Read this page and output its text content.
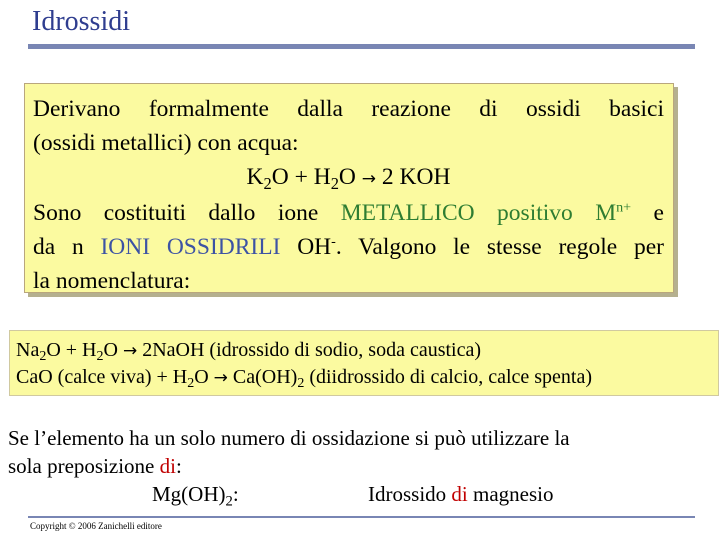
Idrossidi

Derivano formalmente dalla reazione di ossidi basici

(ossidi metallici) con acqua:

$K_2O + H_2O \to 2$ KOH

Sono costituiti dallo ione METALLICO positivo $M^{n+}$ e

da n IONI OSSIDRILI OH-. Valgono le stesse regole per

la nomenclatura:

$Na_2O + H_2O$ → 2NaOH (idrossido di sodio, soda caustica)

CaO (calce viva) + $H_2O \to Ca(OH)_2$ (diidrossido di calcio, calce spenta)

Se l’elemento ha un solo numero di ossidazione si può utilizzare la

sola preposizione di:

$Mg(OH)_2$:	Idrossido di magnesio
Copyright © 2006 Zanichelli editore
